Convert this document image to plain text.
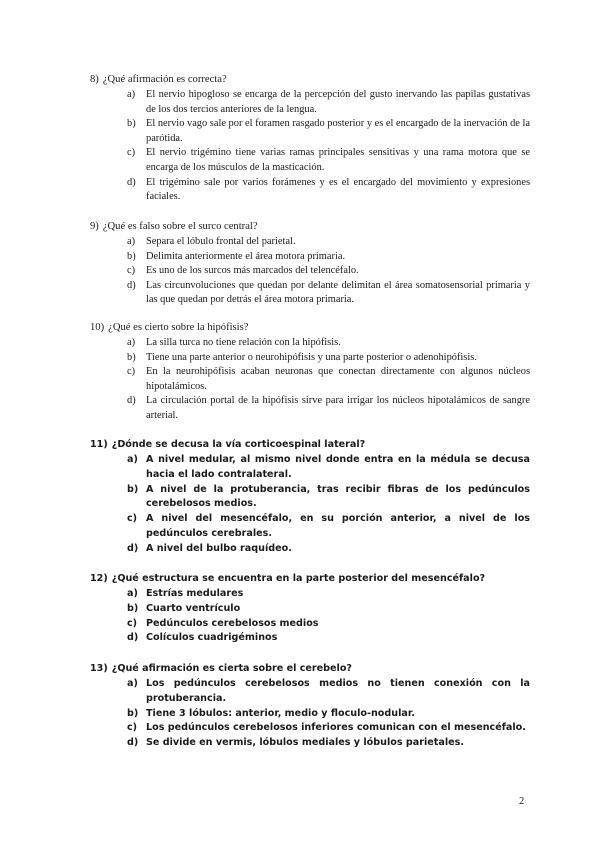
8) ¿Qué afirmación es correcta?
a) El nervio hipogloso se encarga de la percepción del gusto inervando las papilas gustativas de los dos tercios anteriores de la lengua.
b) El nervio vago sale por el foramen rasgado posterior y es el encargado de la inervación de la parótida.
c) El nervio trigémino tiene varias ramas principales sensitivas y una rama motora que se encarga de los músculos de la masticación.
d) El trigémino sale por varios forámenes y es el encargado del movimiento y expresiones faciales.
9) ¿Qué es falso sobre el surco central?
a) Separa el lóbulo frontal del parietal.
b) Delimita anteriormente el área motora primaria.
c) Es uno de los surcos más marcados del telencéfalo.
d) Las circunvoluciones que quedan por delante delimitan el área somatosensorial primaria y las que quedan por detrás el área motora primaria.
10) ¿Qué es cierto sobre la hipófisis?
a) La silla turca no tiene relación con la hipófisis.
b) Tiene una parte anterior o neurohipófisis y una parte posterior o adenohipófisis.
c) En la neurohipófisis acaban neuronas que conectan directamente con algunos núcleos hipotalámicos.
d) La circulación portal de la hipófisis sirve para irrigar los núcleos hipotalámicos de sangre arterial.
11) ¿Dónde se decusa la vía corticoespinal lateral?
a) A nivel medular, al mismo nivel donde entra en la médula se decusa hacia el lado contralateral.
b) A nivel de la protuberancia, tras recibir fibras de los pedúnculos cerebelosos medios.
c) A nivel del mesencéfalo, en su porción anterior, a nivel de los pedúnculos cerebrales.
d) A nivel del bulbo raquídeo.
12) ¿Qué estructura se encuentra en la parte posterior del mesencéfalo?
a) Estrías medulares
b) Cuarto ventrículo
c) Pedúnculos cerebelosos medios
d) Colículos cuadrigéminos
13) ¿Qué afirmación es cierta sobre el cerebelo?
a) Los pedúnculos cerebelosos medios no tienen conexión con la protuberancia.
b) Tiene 3 lóbulos: anterior, medio y floculo-nodular.
c) Los pedúnculos cerebelosos inferiores comunican con el mesencéfalo.
d) Se divide en vermis, lóbulos mediales y lóbulos parietales.
2
